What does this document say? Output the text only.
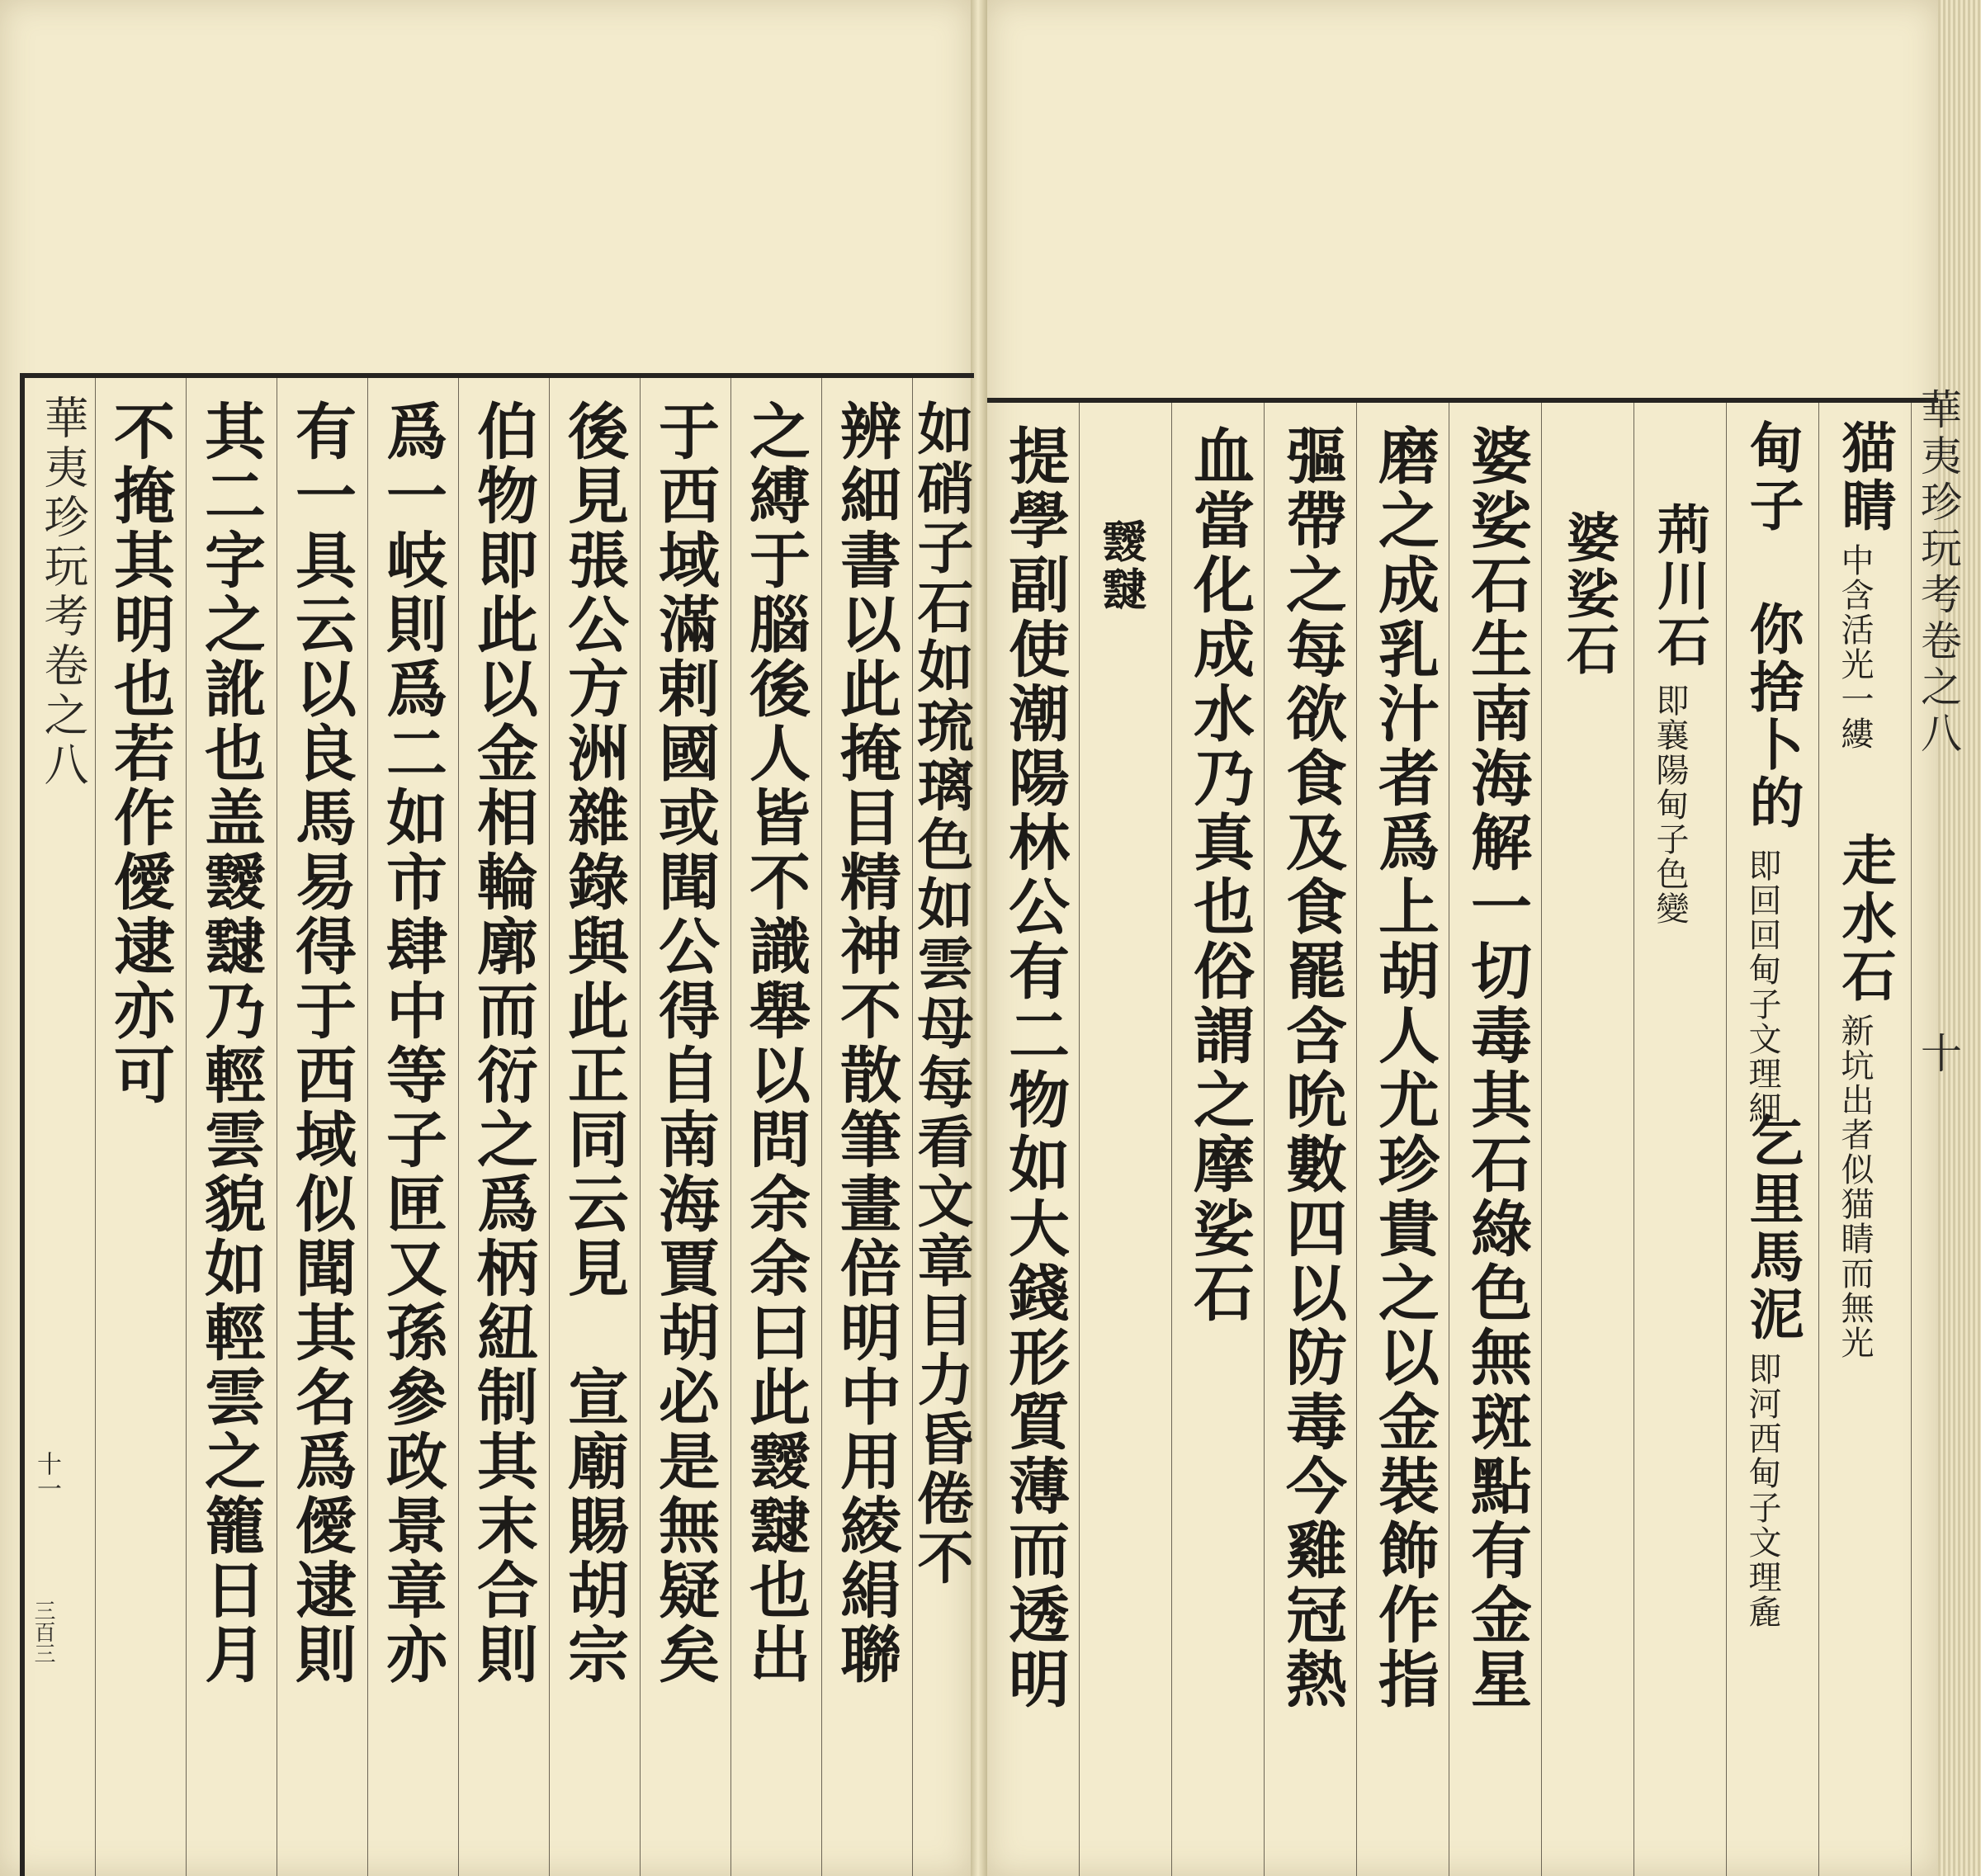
華夷珍玩考卷之八
十一
三百三
不掩其明也若作僾逮亦可 其二字之訛也盖靉靆乃輕雲貌如輕雲之籠日月 有一具云以良馬易得于西域似聞其名爲僾逮則 爲一岐則爲二如市肆中等子匣又孫參政景章亦 伯物即此以金相輪廓而衍之爲柄紐制其末合則 後見張公方洲雜錄與此正同云見　宣廟賜胡宗 于西域滿剌國或聞公得自南海賈胡必是無疑矣 之縛于腦後人皆不識舉以問余余曰此靉靆也出 辨細書以此掩目精神不散筆畫倍明中用綾絹聯 如硝子石如琉璃色如雲母每看文章目力昏倦不 提學副使潮陽林公有二物如大錢形質薄而透明 靉靆 血當化成水乃真也俗謂之摩娑石 彄帶之每欲食及食罷含吮數四以防毒今雞冠熱 磨之成乳汁者爲上胡人尤珍貴之以金裝飾作指 婆娑石生南海解一切毒其石綠色無斑點有金星 婆娑石 荊川石
即襄陽甸子色變
甸子
你捨卜的
即回回甸子文理細
乞里馬泥
即河西甸子文理麁
猫睛
中含活光一縷
走水石
新坑出者似猫睛而無光
華夷珍玩考卷之八
十
